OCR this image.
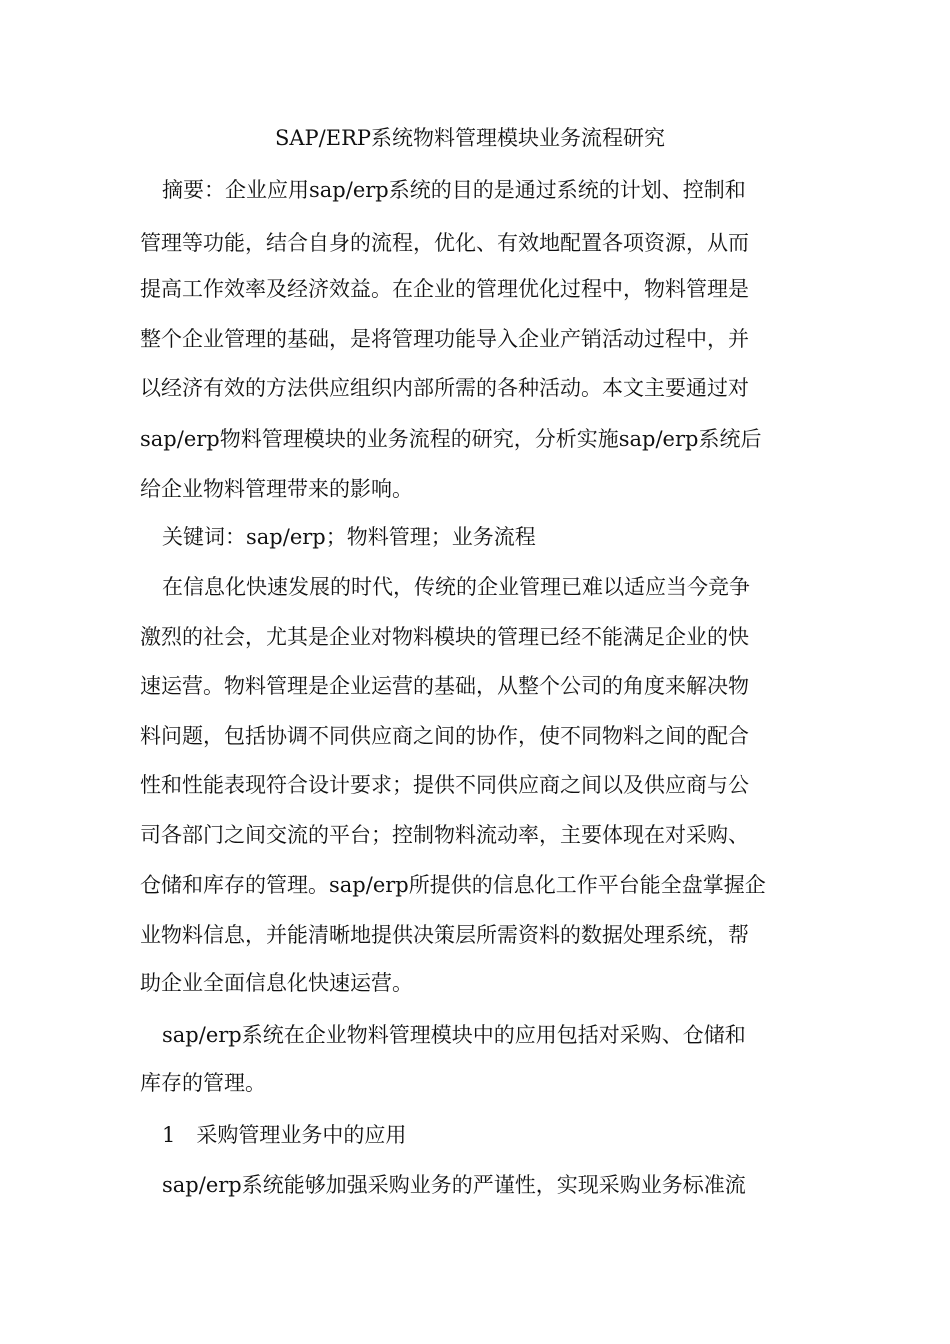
SAP/ERP系统物料管理模块业务流程研究
摘要：企业应用sap/erp系统的目的是通过系统的计划、控制和
管理等功能，结合自身的流程，优化、有效地配置各项资源，从而
提高工作效率及经济效益。在企业的管理优化过程中，物料管理是
整个企业管理的基础，是将管理功能导入企业产销活动过程中，并
以经济有效的方法供应组织内部所需的各种活动。本文主要通过对
sap/erp物料管理模块的业务流程的研究，分析实施sap/erp系统后
给企业物料管理带来的影响。
关键词：sap/erp；物料管理；业务流程
在信息化快速发展的时代，传统的企业管理已难以适应当今竞争
激烈的社会，尤其是企业对物料模块的管理已经不能满足企业的快
速运营。物料管理是企业运营的基础，从整个公司的角度来解决物
料问题，包括协调不同供应商之间的协作，使不同物料之间的配合
性和性能表现符合设计要求；提供不同供应商之间以及供应商与公
司各部门之间交流的平台；控制物料流动率，主要体现在对采购、
仓储和库存的管理。sap/erp所提供的信息化工作平台能全盘掌握企
业物料信息，并能清晰地提供决策层所需资料的数据处理系统，帮
助企业全面信息化快速运营。
sap/erp系统在企业物料管理模块中的应用包括对采购、仓储和
库存的管理。
1　采购管理业务中的应用
sap/erp系统能够加强采购业务的严谨性，实现采购业务标准流
